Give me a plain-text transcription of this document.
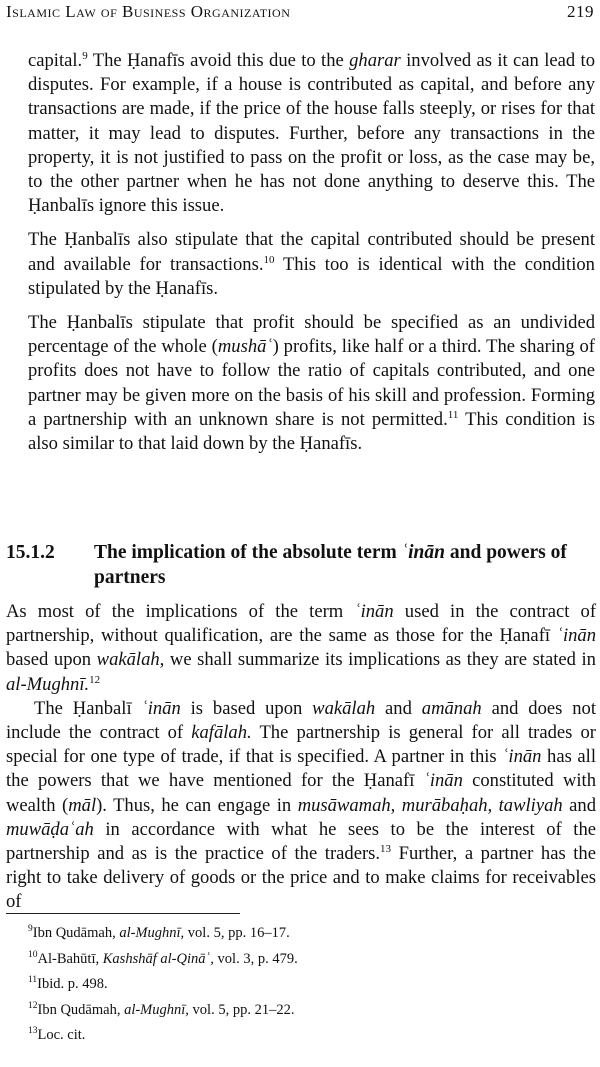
Islamic Law of Business Organization	219

capital.$^9$ The Ḥanafīs avoid this due to the gharar involved as it can lead to disputes. For example, if a house is contributed as capital, and before any transactions are made, if the price of the house falls steeply, or rises for that matter, it may lead to disputes. Further, before any transactions in the property, it is not justified to pass on the profit or loss, as the case may be, to the other partner when he has not done anything to deserve this. The Ḥanbalīs ignore this issue.

The Ḥanbalīs also stipulate that the capital contributed should be present and available for transactions.$^{10}$ This too is identical with the condition stipulated by the Ḥanafīs.

The Ḥanbalīs stipulate that profit should be specified as an undivided percentage of the whole (mushāʿ) profits, like half or a third. The sharing of profits does not have to follow the ratio of capitals contributed, and one partner may be given more on the basis of his skill and profession. Forming a partnership with an unknown share is not permitted.$^{11}$ This condition is also similar to that laid down by the Ḥanafīs.

15.1.2 The implication of the absolute term ʿinān and powers of partners

As most of the implications of the term ʿinān used in the contract of partnership, without qualification, are the same as those for the Ḥanafī ʿinān based upon wakālah, we shall summarize its implications as they are stated in al-Mughnī.$^{12}$

The Ḥanbalī ʿinān is based upon wakālah and amānah and does not include the contract of kafālah. The partnership is general for all trades or special for one type of trade, if that is specified. A partner in this ʿinān has all the powers that we have mentioned for the Ḥanafī ʿinān constituted with wealth (māl). Thus, he can engage in musāwamah, murābaḥah, tawliyah and muwāḍaʿah in accordance with what he sees to be the interest of the partnership and as is the practice of the traders.$^{13}$ Further, a partner has the right to take delivery of goods or the price and to make claims for receivables of

$^9$Ibn Qudāmah, al-Mughnī, vol. 5, pp. 16–17.
$^{10}$Al-Bahūtī, Kashshāf al-Qināʿ, vol. 3, p. 479.
$^{11}$Ibid. p. 498.
$^{12}$Ibn Qudāmah, al-Mughnī, vol. 5, pp. 21–22.
$^{13}$Loc. cit.
